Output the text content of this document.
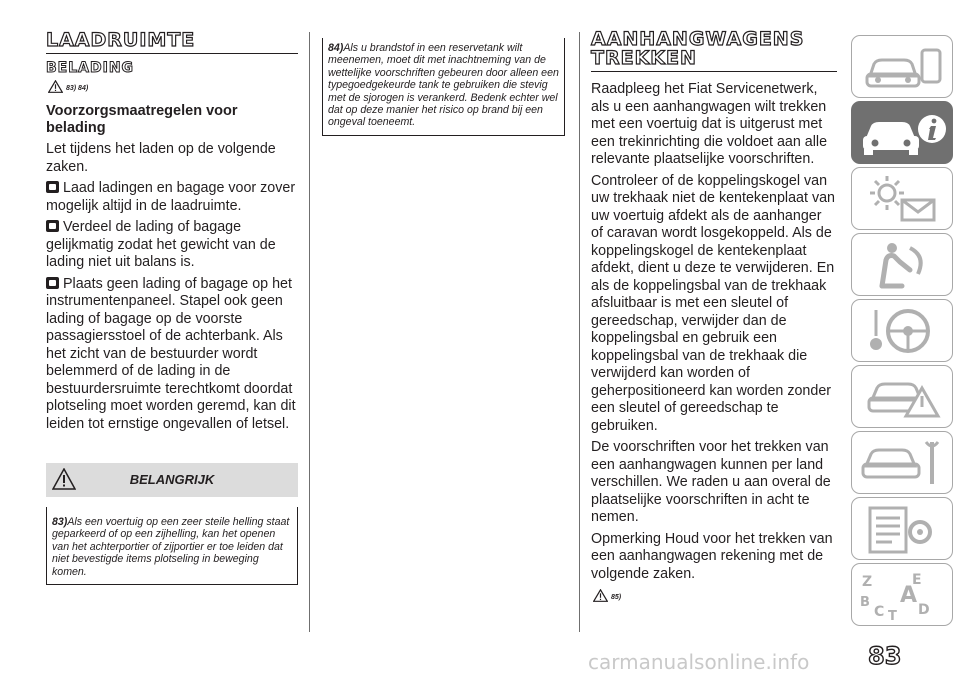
LAADRUIMTE
BELADING
83) 84)
Voorzorgsmaatregelen voor belading

Let tijdens het laden op de volgende zaken.

Laad ladingen en bagage voor zover mogelijk altijd in de laadruimte.
Verdeel de lading of bagage gelijkmatig zodat het gewicht van de lading niet uit balans is.
Plaats geen lading of bagage op het instrumentenpaneel. Stapel ook geen lading of bagage op de voorste passagiersstoel of de achterbank. Als het zicht van de bestuurder wordt belemmerd of de lading in de bestuurdersruimte terechtkomt doordat plotseling moet worden geremd, kan dit leiden tot ernstige ongevallen of letsel.
BELANGRIJK

83)Als een voertuig op een zeer steile helling staat geparkeerd of op een zijhelling, kan het openen van het achterportier of zijportier er toe leiden dat niet bevestigde items plotseling in beweging komen.

84)Als u brandstof in een reservetank wilt meenemen, moet dit met inachtneming van de wettelijke voorschriften gebeuren door alleen een typegoedgekeurde tank te gebruiken die stevig met de sjorogen is verankerd. Bedenk echter wel dat op deze manier het risico op brand bij een ongeval toeneemt.

AANHANGWAGENS
TREKKEN

Raadpleeg het Fiat Servicenetwerk, als u een aanhangwagen wilt trekken met een voertuig dat is uitgerust met een trekinrichting die voldoet aan alle relevante plaatselijke voorschriften.

Controleer of de koppelingskogel van uw trekhaak niet de kentekenplaat van uw voertuig afdekt als de aanhanger of caravan wordt losgekoppeld. Als de koppelingskogel de kentekenplaat afdekt, dient u deze te verwijderen. En als de koppelingsbal van de trekhaak afsluitbaar is met een sleutel of gereedschap, verwijder dan de koppelingsbal en gebruik een koppelingsbal van de trekhaak die verwijderd kan worden of geherpositioneerd kan worden zonder een sleutel of gereedschap te gebruiken.

De voorschriften voor het trekken van een aanhangwagen kunnen per land verschillen. We raden u aan overal de plaatselijke voorschriften in acht te nemen.

Opmerking Houd voor het trekken van een aanhangwagen rekening met de volgende zaken.

85)
Z	E
B A
C T D
83
carmanualsonline.info
